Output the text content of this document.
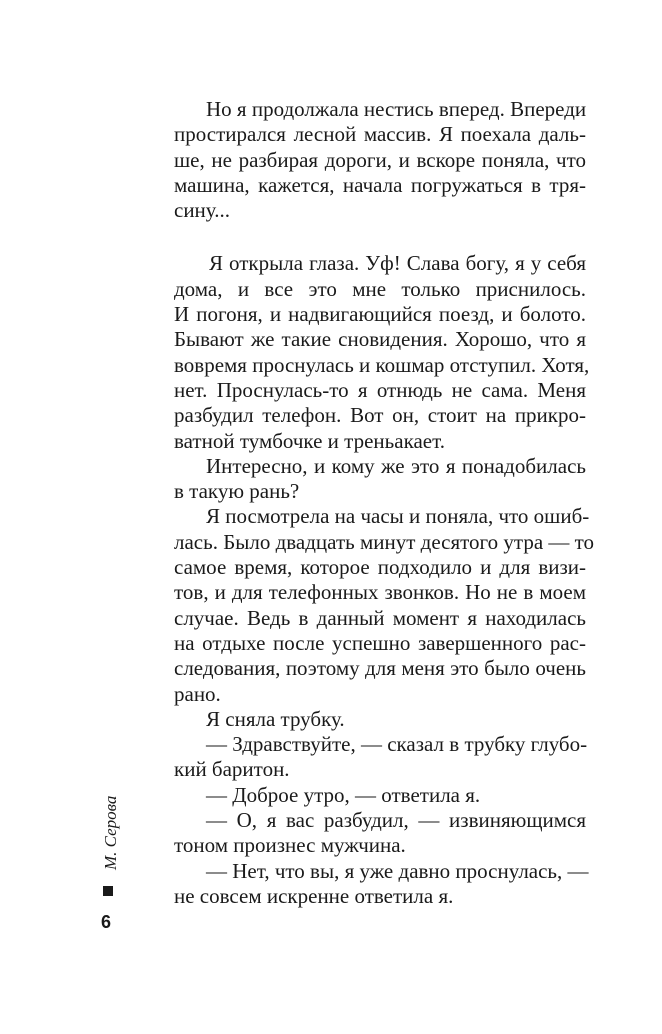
Но я продолжала нестись вперед. Впереди
простирался лесной массив. Я поехала даль-
ше, не разбирая дороги, и вскоре поняла, что
машина, кажется, начала погружаться в тря-
сину...
Я открыла глаза. Уф! Слава богу, я у себя
дома, и все это мне только приснилось.
И погоня, и надвигающийся поезд, и болото.
Бывают же такие сновидения. Хорошо, что я
вовремя проснулась и кошмар отступил. Хотя,
нет. Проснулась-то я отнюдь не сама. Меня
разбудил телефон. Вот он, стоит на прикро-
ватной тумбочке и треньакает.
Интересно, и кому же это я понадобилась
в такую рань?
Я посмотрела на часы и поняла, что ошиб-
лась. Было двадцать минут десятого утра — то
самое время, которое подходило и для визи-
тов, и для телефонных звонков. Но не в моем
случае. Ведь в данный момент я находилась
на отдыхе после успешно завершенного рас-
следования, поэтому для меня это было очень
рано.
Я сняла трубку.
— Здравствуйте, — сказал в трубку глубо-
кий баритон.
— Доброе утро, — ответила я.
— О, я вас разбудил, — извиняющимся
тоном произнес мужчина.
— Нет, что вы, я уже давно проснулась, —
не совсем искренне ответила я.
М. Серова
6
